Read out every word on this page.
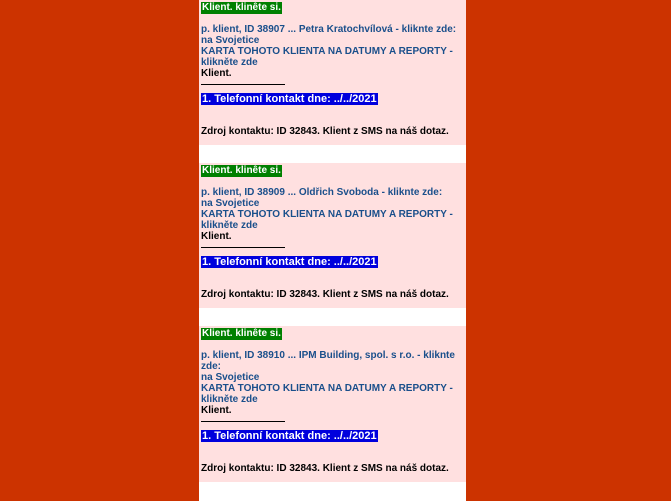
Klient. klinête si.
p. klient, ID 38907 ... Petra Kratochvílová - kliknte zde:
na Svojetice
KARTA TOHOTO KLIENTA NA DATUMY A REPORTY - klikněte zde
Klient.
1. Telefonní kontakt dne: ../../2021
Zdroj kontaktu: ID 32843. Klient z SMS na náš dotaz.
Klient. klinête si.
p. klient, ID 38909 ... Oldřich Svoboda - kliknte zde:
na Svojetice
KARTA TOHOTO KLIENTA NA DATUMY A REPORTY - klikněte zde
Klient.
1. Telefonní kontakt dne: ../../2021
Zdroj kontaktu: ID 32843. Klient z SMS na náš dotaz.
Klient. klinête si.
p. klient, ID 38910 ... IPM Building, spol. s r.o. - kliknte zde:
na Svojetice
KARTA TOHOTO KLIENTA NA DATUMY A REPORTY - klikněte zde
Klient.
1. Telefonní kontakt dne: ../../2021
Zdroj kontaktu: ID 32843. Klient z SMS na náš dotaz.
